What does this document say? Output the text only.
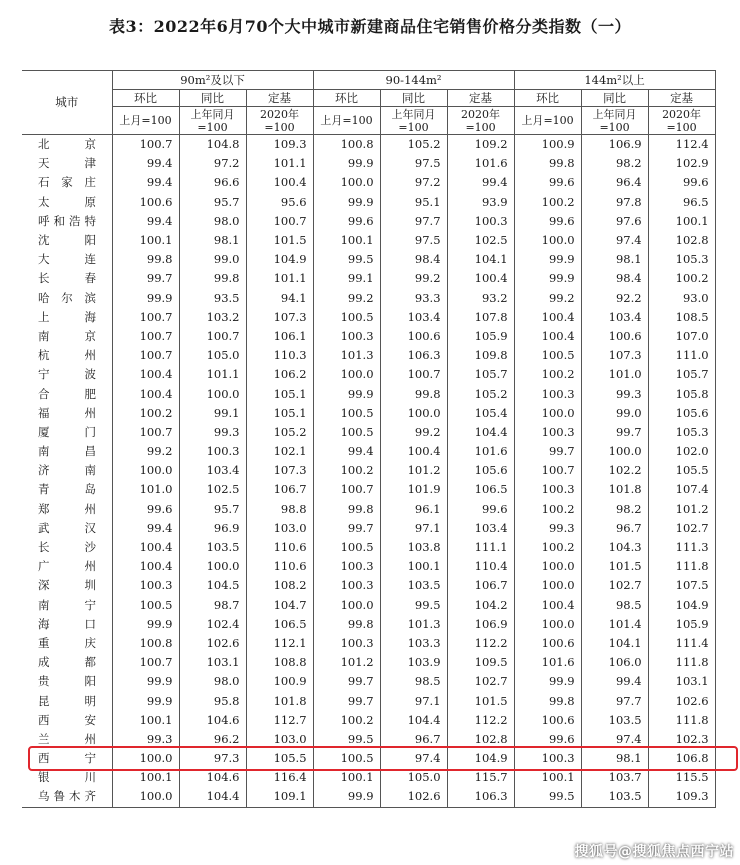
表3：2022年6月70个大中城市新建商品住宅销售价格分类指数（一）
城市	90m²及以下			90-144m²			144m²以上		
	环比	同比	定基	环比	同比	定基	环比	同比	定基
	上月=100	上年同月=100	2020年=100	上月=100	上年同月=100	2020年=100	上月=100	上年同月=100	2020年=100
北　京	100.7	104.8	109.3	100.8	105.2	109.2	100.9	106.9	112.4
天　津	99.4	97.2	101.1	99.9	97.5	101.6	99.8	98.2	102.9
石家庄	99.4	96.6	100.4	100.0	97.2	99.4	99.6	96.4	99.6
太　原	100.6	95.7	95.6	99.9	95.1	93.9	100.2	97.8	96.5
呼和浩特	99.4	98.0	100.7	99.6	97.7	100.3	99.6	97.6	100.1
沈　阳	100.1	98.1	101.5	100.1	97.5	102.5	100.0	97.4	102.8
大　连	99.8	99.0	104.9	99.5	98.4	104.1	99.9	98.1	105.3
长　春	99.7	99.8	101.1	99.1	99.2	100.4	99.9	98.4	100.2
哈尔滨	99.9	93.5	94.1	99.2	93.3	93.2	99.2	92.2	93.0
上　海	100.7	103.2	107.3	100.5	103.4	107.8	100.4	103.4	108.5
南　京	100.7	100.7	106.1	100.3	100.6	105.9	100.4	100.6	107.0
杭　州	100.7	105.0	110.3	101.3	106.3	109.8	100.5	107.3	111.0
宁　波	100.4	101.1	106.2	100.0	100.7	105.7	100.2	101.0	105.7
合　肥	100.4	100.0	105.1	99.9	99.8	105.2	100.3	99.3	105.8
福　州	100.2	99.1	105.1	100.5	100.0	105.4	100.0	99.0	105.6
厦　门	100.7	99.3	105.2	100.5	99.2	104.4	100.3	99.7	105.3
南　昌	99.2	100.3	102.1	99.4	100.4	101.6	99.7	100.0	102.0
济　南	100.0	103.4	107.3	100.2	101.2	105.6	100.7	102.2	105.5
青　岛	101.0	102.5	106.7	100.7	101.9	106.5	100.3	101.8	107.4
郑　州	99.6	95.7	98.8	99.8	96.1	99.6	100.2	98.2	101.2
武　汉	99.4	96.9	103.0	99.7	97.1	103.4	99.3	96.7	102.7
长　沙	100.4	103.5	110.6	100.5	103.8	111.1	100.2	104.3	111.3
广　州	100.4	100.0	110.6	100.3	100.1	110.4	100.0	101.5	111.8
深　圳	100.3	104.5	108.2	100.3	103.5	106.7	100.0	102.7	107.5
南　宁	100.5	98.7	104.7	100.0	99.5	104.2	100.4	98.5	104.9
海　口	99.9	102.4	106.5	99.8	101.3	106.9	100.0	101.4	105.9
重　庆	100.8	102.6	112.1	100.3	103.3	112.2	100.6	104.1	111.4
成　都	100.7	103.1	108.8	101.2	103.9	109.5	101.6	106.0	111.8
贵　阳	99.9	98.0	100.9	99.7	98.5	102.7	99.9	99.4	103.1
昆　明	99.9	95.8	101.8	99.7	97.1	101.5	99.8	97.7	102.6
西　安	100.1	104.6	112.7	100.2	104.4	112.2	100.6	103.5	111.8
兰　州	99.3	96.2	103.0	99.5	96.7	102.8	99.6	97.4	102.3
西　宁	100.0	97.3	105.5	100.5	97.4	104.9	100.3	98.1	106.8
银　川	100.1	104.6	116.4	100.1	105.0	115.7	100.1	103.7	115.5
乌鲁木齐	100.0	104.4	109.1	99.9	102.6	106.3	99.5	103.5	109.3
搜狐号@搜狐焦点西宁站
